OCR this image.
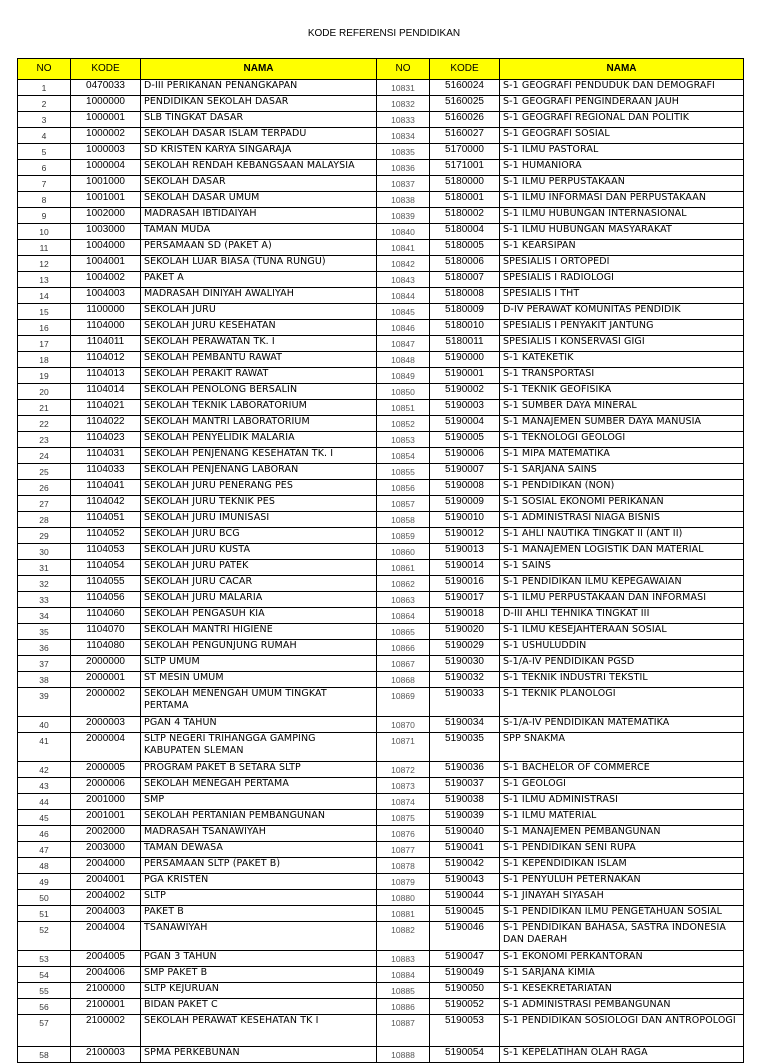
KODE REFERENSI PENDIDIKAN
NO	KODE	NAMA	NO	KODE	NAMA
1	0470033	D-III PERIKANAN PENANGKAPAN	10831	5160024	S-1 GEOGRAFI PENDUDUK DAN DEMOGRAFI
2	1000000	PENDIDIKAN SEKOLAH DASAR	10832	5160025	S-1 GEOGRAFI PENGINDERAAN JAUH
3	1000001	SLB TINGKAT DASAR	10833	5160026	S-1 GEOGRAFI REGIONAL DAN POLITIK
4	1000002	SEKOLAH DASAR ISLAM TERPADU	10834	5160027	S-1 GEOGRAFI SOSIAL
5	1000003	SD KRISTEN KARYA SINGARAJA	10835	5170000	S-1 ILMU PASTORAL
6	1000004	SEKOLAH RENDAH KEBANGSAAN MALAYSIA	10836	5171001	S-1 HUMANIORA
7	1001000	SEKOLAH DASAR	10837	5180000	S-1 ILMU PERPUSTAKAAN
8	1001001	SEKOLAH DASAR UMUM	10838	5180001	S-1 ILMU INFORMASI DAN PERPUSTAKAAN
9	1002000	MADRASAH IBTIDAIYAH	10839	5180002	S-1 ILMU HUBUNGAN INTERNASIONAL
10	1003000	TAMAN MUDA	10840	5180004	S-1 ILMU HUBUNGAN MASYARAKAT
11	1004000	PERSAMAAN SD (PAKET A)	10841	5180005	S-1 KEARSIPAN
12	1004001	SEKOLAH LUAR BIASA (TUNA RUNGU)	10842	5180006	SPESIALIS I ORTOPEDI
13	1004002	PAKET A	10843	5180007	SPESIALIS I RADIOLOGI
14	1004003	MADRASAH DINIYAH AWALIYAH	10844	5180008	SPESIALIS I THT
15	1100000	SEKOLAH JURU	10845	5180009	D-IV PERAWAT KOMUNITAS PENDIDIK
16	1104000	SEKOLAH JURU KESEHATAN	10846	5180010	SPESIALIS I PENYAKIT JANTUNG
17	1104011	SEKOLAH PERAWATAN TK. I	10847	5180011	SPESIALIS I KONSERVASI GIGI
18	1104012	SEKOLAH PEMBANTU RAWAT	10848	5190000	S-1 KATEKETIK
19	1104013	SEKOLAH PERAKIT RAWAT	10849	5190001	S-1 TRANSPORTASI
20	1104014	SEKOLAH PENOLONG BERSALIN	10850	5190002	S-1 TEKNIK GEOFISIKA
21	1104021	SEKOLAH TEKNIK LABORATORIUM	10851	5190003	S-1 SUMBER DAYA MINERAL
22	1104022	SEKOLAH MANTRI LABORATORIUM	10852	5190004	S-1 MANAJEMEN SUMBER DAYA MANUSIA
23	1104023	SEKOLAH PENYELIDIK MALARIA	10853	5190005	S-1 TEKNOLOGI GEOLOGI
24	1104031	SEKOLAH PENJENANG KESEHATAN TK. I	10854	5190006	S-1 MIPA MATEMATIKA
25	1104033	SEKOLAH PENJENANG LABORAN	10855	5190007	S-1 SARJANA SAINS
26	1104041	SEKOLAH JURU PENERANG PES	10856	5190008	S-1 PENDIDIKAN (NON)
27	1104042	SEKOLAH JURU TEKNIK PES	10857	5190009	S-1 SOSIAL EKONOMI PERIKANAN
28	1104051	SEKOLAH JURU IMUNISASI	10858	5190010	S-1 ADMINISTRASI NIAGA BISNIS
29	1104052	SEKOLAH JURU BCG	10859	5190012	S-1 AHLI NAUTIKA TINGKAT II (ANT II)
30	1104053	SEKOLAH JURU KUSTA	10860	5190013	S-1 MANAJEMEN LOGISTIK DAN MATERIAL
31	1104054	SEKOLAH JURU PATEK	10861	5190014	S-1 SAINS
32	1104055	SEKOLAH JURU CACAR	10862	5190016	S-1 PENDIDIKAN ILMU KEPEGAWAIAN
33	1104056	SEKOLAH JURU MALARIA	10863	5190017	S-1 ILMU PERPUSTAKAAN DAN INFORMASI
34	1104060	SEKOLAH PENGASUH KIA	10864	5190018	D-III AHLI TEHNIKA TINGKAT III
35	1104070	SEKOLAH MANTRI HIGIENE	10865	5190020	S-1 ILMU KESEJAHTERAAN SOSIAL
36	1104080	SEKOLAH PENGUNJUNG RUMAH	10866	5190029	S-1 USHULUDDIN
37	2000000	SLTP UMUM	10867	5190030	S-1/A-IV PENDIDIKAN PGSD
38	2000001	ST MESIN UMUM	10868	5190032	S-1 TEKNIK INDUSTRI TEKSTIL
39	2000002	SEKOLAH MENENGAH UMUM TINGKAT PERTAMA	10869	5190033	S-1 TEKNIK PLANOLOGI
40	2000003	PGAN 4 TAHUN	10870	5190034	S-1/A-IV PENDIDIKAN MATEMATIKA
41	2000004	SLTP NEGERI TRIHANGGA GAMPING KABUPATEN SLEMAN	10871	5190035	SPP SNAKMA
42	2000005	PROGRAM PAKET B SETARA SLTP	10872	5190036	S-1 BACHELOR OF COMMERCE
43	2000006	SEKOLAH MENEGAH PERTAMA	10873	5190037	S-1 GEOLOGI
44	2001000	SMP	10874	5190038	S-1 ILMU ADMINISTRASI
45	2001001	SEKOLAH PERTANIAN PEMBANGUNAN	10875	5190039	S-1 ILMU MATERIAL
46	2002000	MADRASAH TSANAWIYAH	10876	5190040	S-1 MANAJEMEN PEMBANGUNAN
47	2003000	TAMAN DEWASA	10877	5190041	S-1 PENDIDIKAN SENI RUPA
48	2004000	PERSAMAAN SLTP (PAKET B)	10878	5190042	S-1 KEPENDIDIKAN ISLAM
49	2004001	PGA KRISTEN	10879	5190043	S-1 PENYULUH PETERNAKAN
50	2004002	SLTP	10880	5190044	S-1 JINAYAH SIYASAH
51	2004003	PAKET B	10881	5190045	S-1 PENDIDIKAN ILMU PENGETAHUAN SOSIAL
52	2004004	TSANAWIYAH	10882	5190046	S-1 PENDIDIKAN BAHASA, SASTRA INDONESIA DAN DAERAH
53	2004005	PGAN 3 TAHUN	10883	5190047	S-1 EKONOMI PERKANTORAN
54	2004006	SMP PAKET B	10884	5190049	S-1 SARJANA KIMIA
55	2100000	SLTP KEJURUAN	10885	5190050	S-1 KESEKRETARIATAN
56	2100001	BIDAN PAKET C	10886	5190052	S-1 ADMINISTRASI PEMBANGUNAN
57	2100002	SEKOLAH PERAWAT KESEHATAN TK I	10887	5190053	S-1 PENDIDIKAN SOSIOLOGI DAN ANTROPOLOGI
58	2100003	SPMA PERKEBUNAN	10888	5190054	S-1 KEPELATIHAN OLAH RAGA
